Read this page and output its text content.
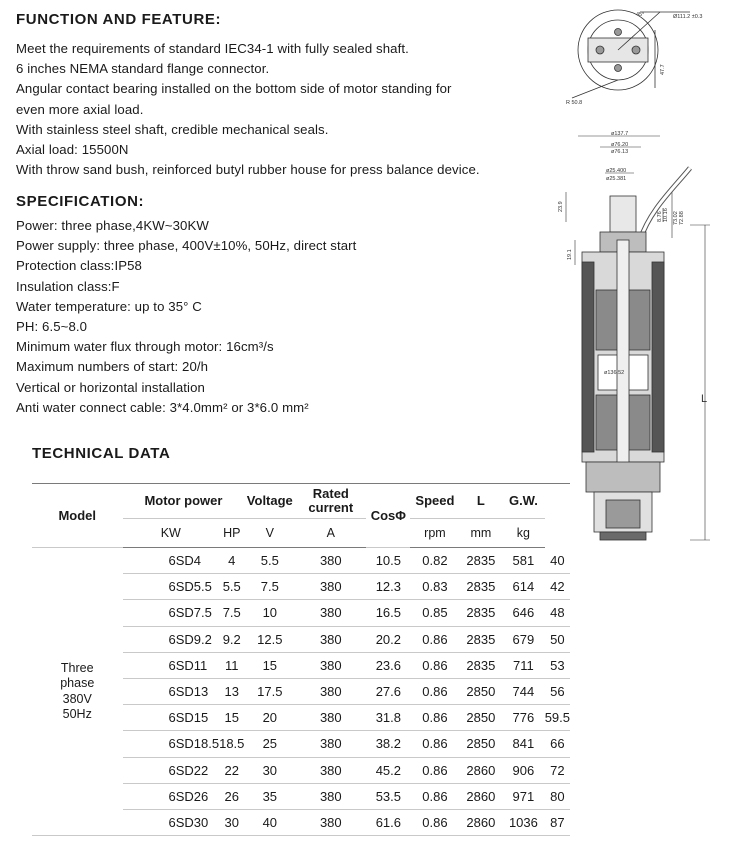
FUNCTION AND FEATURE:
Meet the requirements of standard IEC34-1 with fully sealed shaft.
6 inches NEMA standard flange connector.
Angular contact bearing installed on the bottom side of motor standing for
even more axial load.
With stainless steel shaft, credible mechanical seals.
Axial load: 15500N
With throw sand bush, reinforced butyl rubber house for press balance device.
SPECIFICATION:
Power: three phase,4KW~30KW
Power supply: three phase, 400V±10%, 50Hz, direct start
Protection class:IP58
Insulation class:F
Water temperature: up to 35° C
PH: 6.5~8.0
Minimum water flux through motor: 16cm³/s
Maximum numbers of start: 20/h
Vertical or horizontal installation
Anti water connect cable: 3*4.0mm² or 3*6.0 mm²
TECHNICAL DATA
Model	Motor power		Voltage	Rated current	CosΦ	Speed	L	G.W.	
	KW	HP	V	A		rpm	mm	kg	

Three
phase
380V
50Hz	6SD4	4	5.5	380	10.5	0.82	2835	581	40
	6SD5.5	5.5	7.5	380	12.3	0.83	2835	614	42
	6SD7.5	7.5	10	380	16.5	0.85	2835	646	48
	6SD9.2	9.2	12.5	380	20.2	0.86	2835	679	50
	6SD11	11	15	380	23.6	0.86	2835	711	53
	6SD13	13	17.5	380	27.6	0.86	2850	744	56
	6SD15	15	20	380	31.8	0.86	2850	776	59.5
	6SD18.5	18.5	25	380	38.2	0.86	2850	841	66
	6SD22	22	30	380	45.2	0.86	2860	906	72
	6SD26	26	35	380	53.5	0.86	2860	971	80
	6SD30	30	40	380	61.6	0.86	2860	1036	87
45°	Ø111.2 ±0.3
47.7
R 50.8
ø137.7
ø76.20
ø76.13
ø25.400
ø25.381
23.9
8.76 10.16 73.02 72.88
19.1
ø136.52
L
